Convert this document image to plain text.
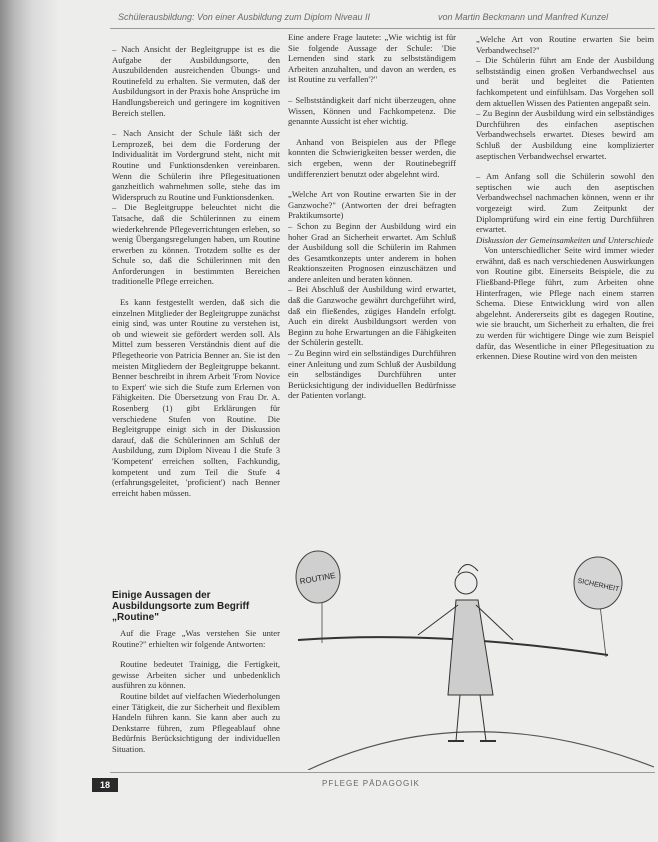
Schülerausbildung: Von einer Ausbildung zum Diplom Niveau II	von Martin Beckmann und Manfred Kunzel

– Nach Ansicht der Begleitgruppe ist es die Aufgabe der Ausbildungsorte, den Auszubildenden ausreichenden Übungs- und Routinefeld zu erhalten. Sie vermuten, daß der Ausbildungsort in der Praxis hohe Ansprüche im Handlungsbereich und geringere im kognitiven Bereich stellen.

– Nach Ansicht der Schule läßt sich der Lernprozeß, bei dem die Forderung der Individualität im Vordergrund steht, nicht mit Routine und Funktionsdenken vereinbaren. Wenn die Schülerin ihre Pflegesituationen ganzheitlich wahrnehmen solle, stehe das im Widerspruch zu Routine und Funktionsdenken.

– Die Begleitgruppe beleuchtet nicht die Tatsache, daß die Schülerinnen zu einem wiederkehrende Pflegeverrichtungen erleben, so wenig Übergangsregelungen haben, um Routine erwerben zu können. Trotzdem sollte es der Schule so, daß die Schülerinnen mit den Anforderungen in bestimmten Bereichen traditionelle Pflege erreichen.

Es kann festgestellt werden, daß sich die einzelnen Mitglieder der Begleitgruppe zunächst einig sind, was unter Routine zu verstehen ist, ob und wieweit sie gefördert werden soll. Als Mittel zum besseren Verständnis dient auf die Pflegetheorie von Patricia Benner an. Sie ist den meisten Mitgliedern der Begleitgruppe bekannt. Benner beschreibt in ihrem Arbeit 'From Novice to Expert' wie sich die Stufe zum Erlernen von Fähigkeiten. Die Übersetzung von Frau Dr. A. Rosenberg (1) gibt Erklärungen für verschiedene Stufen von Routine. Die Begleitgruppe einigt sich in der Diskussion darauf, daß die Schülerinnen am Schluß der Ausbildung, zum Diplom Niveau I die Stufe 3 'Kompetent' erreichen sollten, Fachkundig, kompetent und zum Teil die Stufe 4 (erfahrungsgeleitet, 'proficient') nach Benner erreicht haben müssen.

Einige Aussagen der Ausbildungsorte zum Begriff „Routine"

Auf die Frage „Was verstehen Sie unter Routine?" erhielten wir folgende Antworten:

Routine bedeutet Trainigg, die Fertigkeit, gewisse Arbeiten sicher und unbedenklich ausführen zu können.

Routine bildet auf vielfachen Wiederholungen einer Tätigkeit, die zur Sicherheit und flexiblem Handeln führen kann. Sie kann aber auch zu Denkstarre führen, zum Pflegeablauf ohne Bedürfnis Berücksichtigung der individuellen Situation.

Eine andere Frage lautete: „Wie wichtig ist für Sie folgende Aussage der Schule: 'Die Lernenden sind stark zu selbstständigem Arbeiten anzuhalten, und davon an werden, es ist Routine zu verfallen'?"

– Selbstständigkeit darf nicht überzeugen, ohne Wissen, Können und Fachkompetenz. Die genannte Aussicht ist eher wichtig.

Anhand von Beispielen aus der Pflege konnten die Schwierigkeiten besser werden, die sich ergeben, wenn der Routinebegriff undifferenziert benutzt oder abgelehnt wird.

„Welche Art von Routine erwarten Sie in der Ganzwoche?" (Antworten der drei befragten Praktikumsorte)

– Schon zu Beginn der Ausbildung wird ein hoher Grad an Sicherheit erwartet. Am Schluß der Ausbildung soll die Schülerin im Rahmen des Gesamtkonzepts unter anderem in hohen Reaktionszeiten Prognosen einzuschätzen und andere anleiten und beraten können.

– Bei Abschluß der Ausbildung wird erwartet, daß die Ganzwoche gewährt durchgeführt wird, daß ein fließendes, zügiges Handeln erfolgt. Auch ein direkt Ausbildungsort werden von Beginn zu hohe Erwartungen an die Fähigkeiten der Schülerin gestellt.

– Zu Beginn wird ein selbständiges Durchführen einer Anleitung und zum Schluß der Ausbildung ein selbständiges Durchführen unter Berücksichtigung der individuellen Bedürfnisse der Patienten vorlangt.

„Welche Art von Routine erwarten Sie beim Verbandwechsel?"

– Die Schülerin führt am Ende der Ausbildung selbstständig einen großen Verbandwechsel aus und berät und begleitet die Patienten fachkompetent und einfühlsam. Das Vorgehen soll dem aktuellen Wissen des Patienten angepaßt sein.

– Zu Beginn der Ausbildung wird ein selbständiges Durchführen des einfachen aseptischen Verbandwechsels erwartet. Dieses bewird am Schluß der Ausbildung eine komplizierter aseptischen Verbandwechsel erwartet.

– Am Anfang soll die Schülerin sowohl den septischen wie auch den aseptischen Verbandwechsel nachmachen können, wenn er ihr vorgezeigt wird. Zum Zeitpunkt der Diplomprüfung wird ein eine fertig Durchführen erwartet.

Diskussion der Gemeinsamkeiten und Unterschiede

Von unterschiedlicher Seite wird immer wieder erwähnt, daß es nach verschiedenen Auswirkungen von Routine gibt. Einerseits Beispiele, die zu Fließband-Pflege führt, zum Arbeiten ohne Hinterfragen, wie Pflege nach einem starren Schema. Diese Entwicklung wird von allen abgelehnt. Andererseits gibt es dagegen Routine, wie sie braucht, um Sicherheit zu erhalten, die frei zu werden für wichtigere Dinge wie zum Beispiel dafür, das Wesentliche in einer Pflegesituation zu erkennen. Diese Routine wird von den meisten

ROUTINE	SICHERHEIT
18	PFLEGE PÄDAGOGIK
